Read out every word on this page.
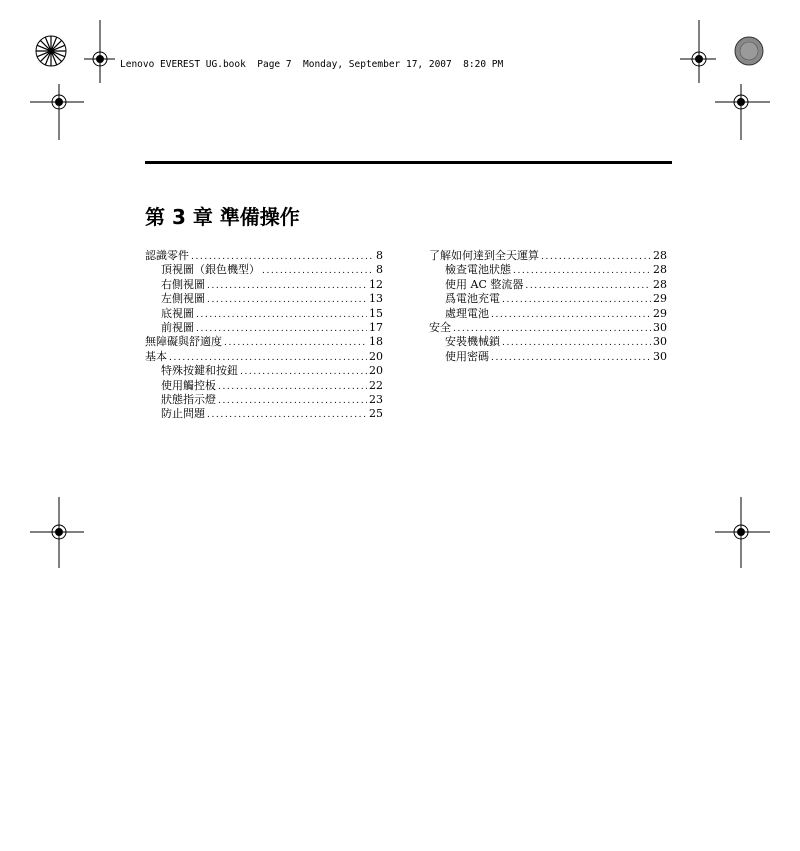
Lenovo EVEREST UG.book  Page 7  Monday, September 17, 2007  8:20 PM
第 3 章 準備操作
認識零件 .....	8
頂視圖（銀色機型） .....	8
右側視圖 .....	12
左側視圖 .....	13
底視圖 .....	15
前視圖 .....	17
無障礙與舒適度 .....	18
基本 .....	20
特殊按鍵和按鈕 .....	20
使用觸控板 .....	22
狀態指示燈 .....	23
防止問題 .....	25
了解如何達到全天運算 .....	28
檢查電池狀態 .....	28
使用 AC 整流器 .....	28
爲電池充電 .....	29
處理電池 .....	29
安全 .....	30
安裝機械鎖 .....	30
使用密碼 .....	30
